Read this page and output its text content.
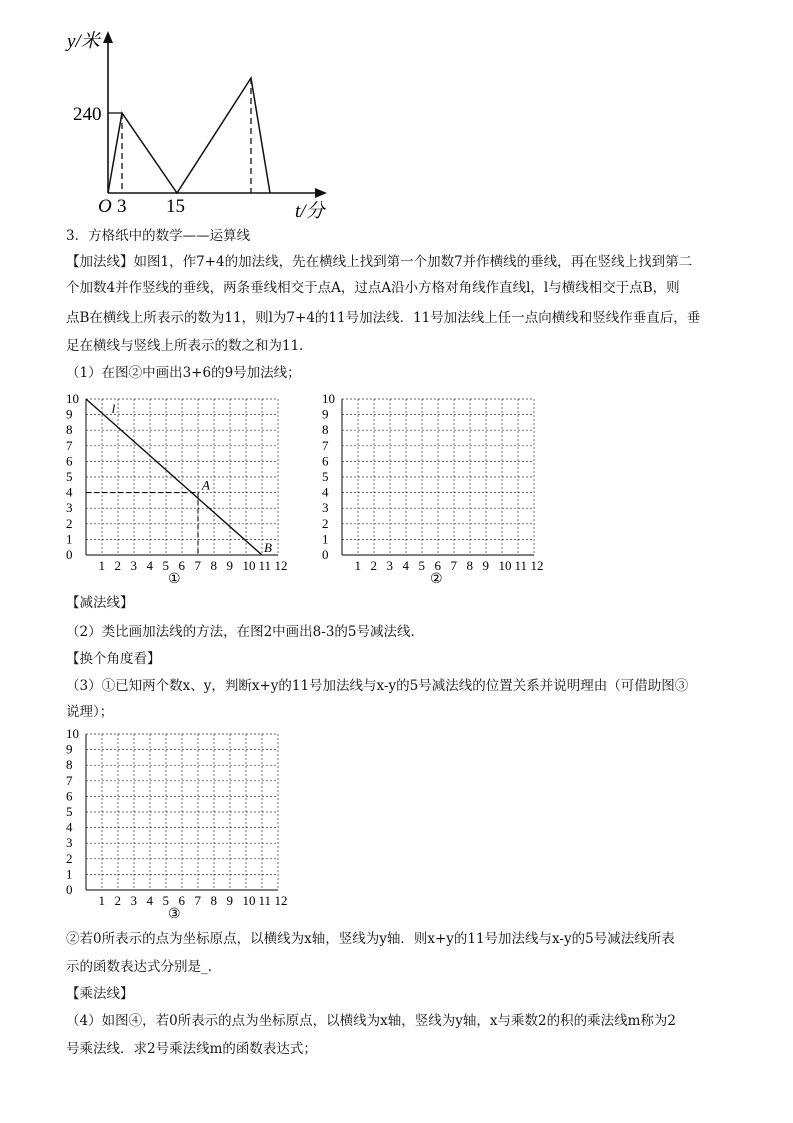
y/米
240
O 3 15	t/分
3．方格纸中的数学——运算线
【加法线】如图1，作7+4的加法线，先在横线上找到第一个加数7并作横线的垂线，再在竖线上找到第二
个加数4并作竖线的垂线，两条垂线相交于点A，过点A沿小方格对角线作直线l，l与横线相交于点B，则
点B在横线上所表示的数为11，则l为7+4的11号加法线．11号加法线上任一点向横线和竖线作垂直后，垂
足在横线与竖线上所表示的数之和为11．
（1）在图②中画出3+6的9号加法线；
1 2 3 4 5 6 7 8 9 10 11 12
0
1
2
3
4
5
6
7
8
9
10
l
A
B
①
1 2 3 4 5 6 7 8 9 10 11 12
0
1
2
3
4
5
6
7
8
9
10
②
【减法线】
（2）类比画加法线的方法，在图2中画出8-3的5号减法线．
【换个角度看】
（3）①已知两个数x、y，判断x+y的11号加法线与x-y的5号减法线的位置关系并说明理由（可借助图③
说理）；
1 2 3 4 5 6 7 8 9 10 11 12
0
1
2
3
4
5
6
7
8
9
10
③
②若0所表示的点为坐标原点，以横线为x轴，竖线为y轴．则x+y的11号加法线与x-y的5号减法线所表
示的函数表达式分别是_．
【乘法线】
（4）如图④，若0所表示的点为坐标原点，以横线为x轴，竖线为y轴，x与乘数2的积的乘法线m称为2
号乘法线．求2号乘法线m的函数表达式；
